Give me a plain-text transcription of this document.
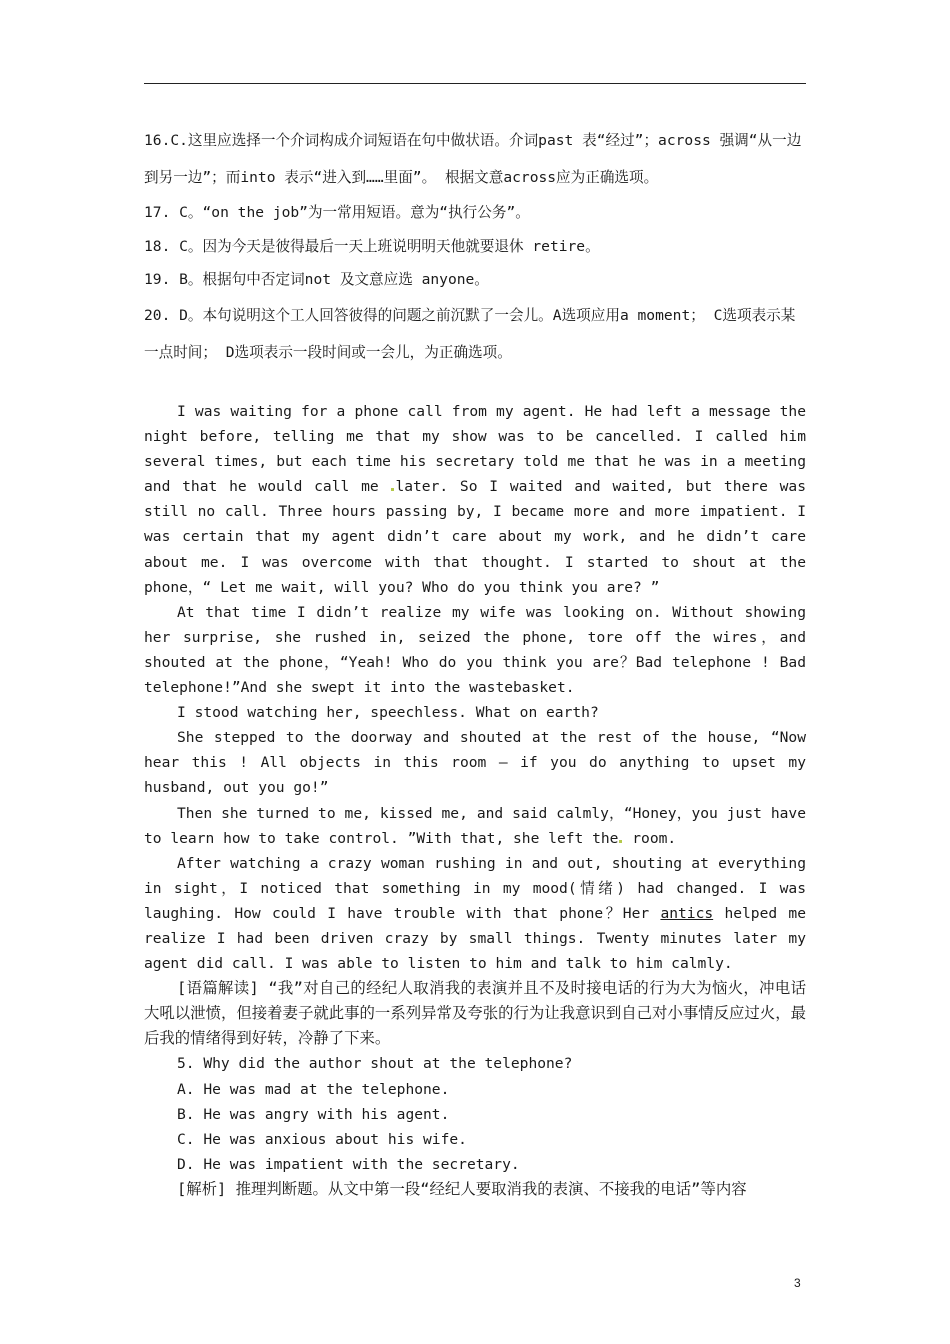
16.C.这里应选择一个介词构成介词短语在句中做状语。介词past 表“经过”；across 强调“从一边到另一边”；而into 表示“进入到……里面”。 根据文意across应为正确选项。

17. C。“on the job”为一常用短语。意为“执行公务”。

18. C。因为今天是彼得最后一天上班说明明天他就要退休 retire。

19. B。根据句中否定词not 及文意应选 anyone。

20. D。本句说明这个工人回答彼得的问题之前沉默了一会儿。A选项应用a moment； C选项表示某一点时间； D选项表示一段时间或一会儿，为正确选项。

I was waiting for a phone call from my agent. He had left a message the night before, telling me that my show was to be cancelled. I called him several times, but each time his secretary told me that he was in a meeting and that he would call me later. So I waited and waited, but there was still no call. Three hours passing by, I became more and more impatient. I was certain that my agent didn’t care about my work, and he didn’t care about me. I was overcome with that thought. I started to shout at the phone，“ Let me wait, will you? Who do you think you are? ”

At that time I didn’t realize my wife was looking on. Without showing her surprise, she rushed in, seized the phone, tore off the wires，and shouted at the phone，“Yeah! Who do you think you are？Bad telephone ! Bad telephone!”And she swept it into the wastebasket.

I stood watching her, speechless. What on earth?

She stepped to the doorway and shouted at the rest of the house, “Now hear this ! All objects in this room — if you do anything to upset my husband, out you go!”

Then she turned to me, kissed me, and said calmly，“Honey，you just have to learn how to take control. ”With that, she left the room.

After watching a crazy woman rushing in and out, shouting at everything in sight，I noticed that something in my mood(情绪) had changed. I was laughing. How could I have trouble with that phone？Her antics helped me realize I had been driven crazy by small things. Twenty minutes later my agent did call. I was able to listen to him and talk to him calmly.

[语篇解读] “我”对自己的经纪人取消我的表演并且不及时接电话的行为大为恼火，冲电话大吼以泄愤，但接着妻子就此事的一系列异常及夸张的行为让我意识到自己对小事情反应过火，最后我的情绪得到好转，冷静了下来。

5. Why did the author shout at the telephone?

A. He was mad at the telephone.

B. He was angry with his agent.

C. He was anxious about his wife.

D. He was impatient with the secretary.

[解析] 推理判断题。从文中第一段“经纪人要取消我的表演、不接我的电话”等内容

3
